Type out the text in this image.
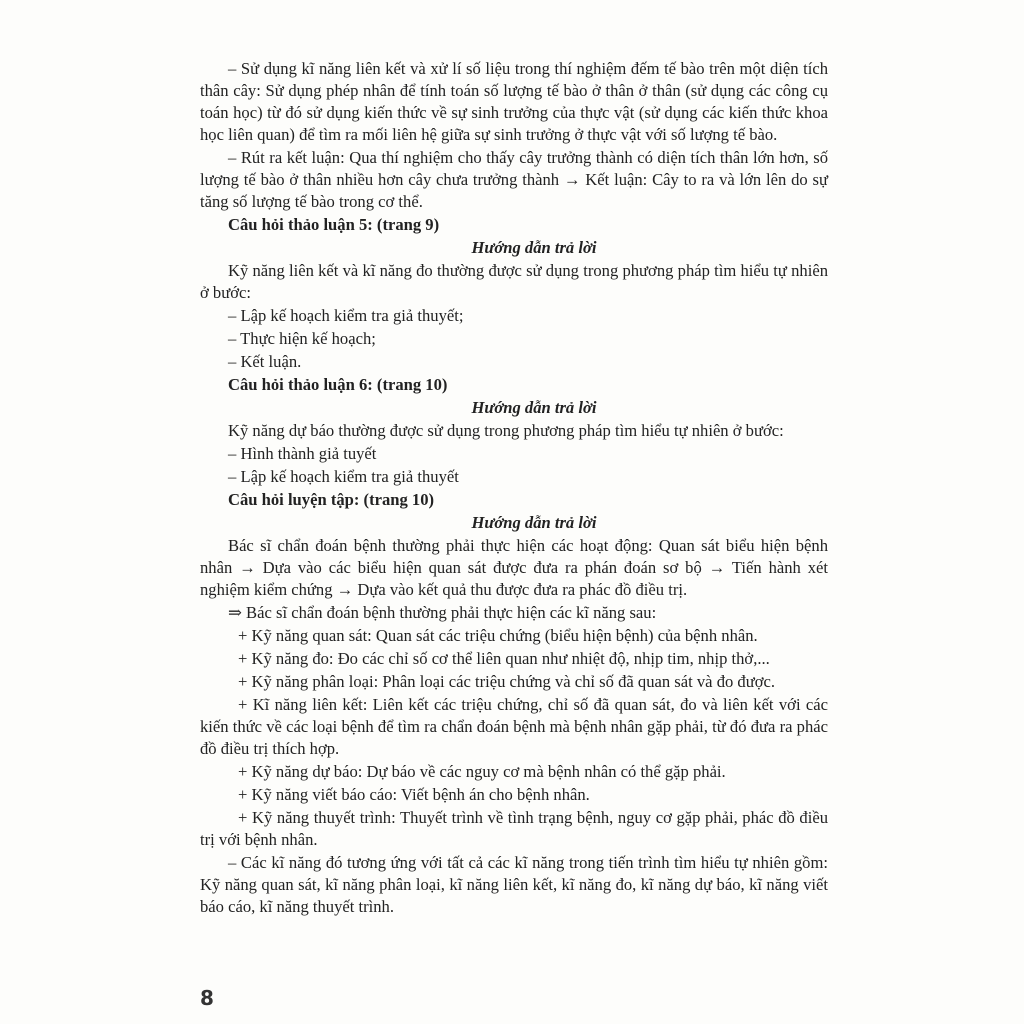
– Sử dụng kĩ năng liên kết và xử lí số liệu trong thí nghiệm đếm tế bào trên một diện tích thân cây: Sử dụng phép nhân để tính toán số lượng tế bào ở thân ở thân (sử dụng các công cụ toán học) từ đó sử dụng kiến thức về sự sinh trưởng của thực vật (sử dụng các kiến thức khoa học liên quan) để tìm ra mối liên hệ giữa sự sinh trưởng ở thực vật với số lượng tế bào.

– Rút ra kết luận: Qua thí nghiệm cho thấy cây trưởng thành có diện tích thân lớn hơn, số lượng tế bào ở thân nhiều hơn cây chưa trưởng thành → Kết luận: Cây to ra và lớn lên do sự tăng số lượng tế bào trong cơ thể.

Câu hỏi thảo luận 5: (trang 9)

Hướng dẫn trả lời

Kỹ năng liên kết và kĩ năng đo thường được sử dụng trong phương pháp tìm hiểu tự nhiên ở bước:

– Lập kế hoạch kiểm tra giả thuyết;

– Thực hiện kế hoạch;

– Kết luận.

Câu hỏi thảo luận 6: (trang 10)

Hướng dẫn trả lời

Kỹ năng dự báo thường được sử dụng trong phương pháp tìm hiểu tự nhiên ở bước:

– Hình thành giả tuyết

– Lập kế hoạch kiểm tra giả thuyết

Câu hỏi luyện tập: (trang 10)

Hướng dẫn trả lời

Bác sĩ chẩn đoán bệnh thường phải thực hiện các hoạt động: Quan sát biểu hiện bệnh nhân → Dựa vào các biểu hiện quan sát được đưa ra phán đoán sơ bộ → Tiến hành xét nghiệm kiểm chứng → Dựa vào kết quả thu được đưa ra phác đồ điều trị.

⇒ Bác sĩ chẩn đoán bệnh thường phải thực hiện các kĩ năng sau:

+ Kỹ năng quan sát: Quan sát các triệu chứng (biểu hiện bệnh) của bệnh nhân.

+ Kỹ năng đo: Đo các chỉ số cơ thể liên quan như nhiệt độ, nhịp tim, nhịp thở,...

+ Kỹ năng phân loại: Phân loại các triệu chứng và chỉ số đã quan sát và đo được.

+ Kĩ năng liên kết: Liên kết các triệu chứng, chỉ số đã quan sát, đo và liên kết với các kiến thức về các loại bệnh để tìm ra chẩn đoán bệnh mà bệnh nhân gặp phải, từ đó đưa ra phác đồ điều trị thích hợp.

+ Kỹ năng dự báo: Dự báo về các nguy cơ mà bệnh nhân có thể gặp phải.

+ Kỹ năng viết báo cáo: Viết bệnh án cho bệnh nhân.

+ Kỹ năng thuyết trình: Thuyết trình về tình trạng bệnh, nguy cơ gặp phải, phác đồ điều trị với bệnh nhân.

– Các kĩ năng đó tương ứng với tất cả các kĩ năng trong tiến trình tìm hiểu tự nhiên gồm: Kỹ năng quan sát, kĩ năng phân loại, kĩ năng liên kết, kĩ năng đo, kĩ năng dự báo, kĩ năng viết báo cáo, kĩ năng thuyết trình.

8
